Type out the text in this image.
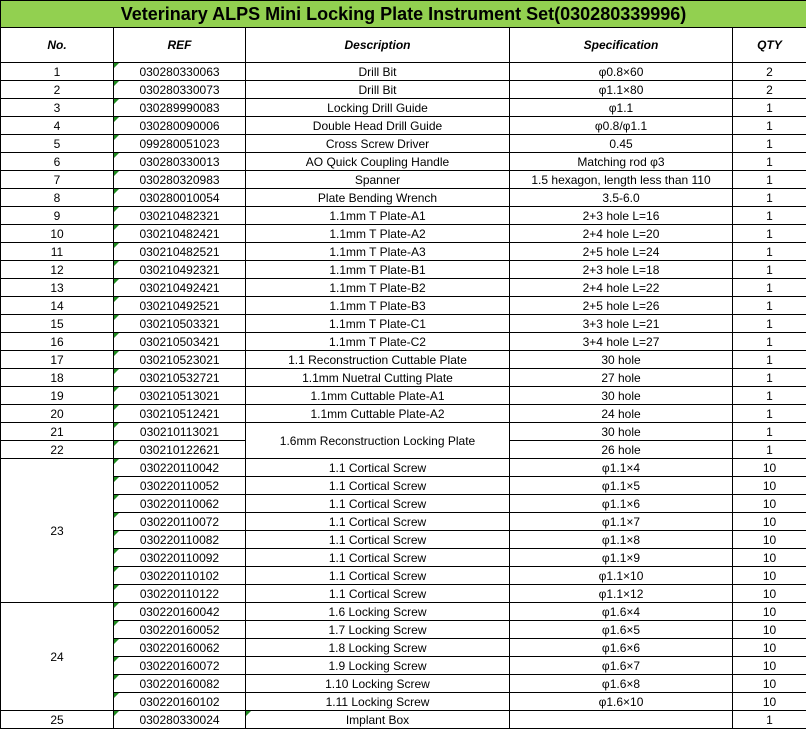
Veterinary ALPS Mini Locking Plate Instrument Set(030280339996)				
No.	REF	Description	Specification	QTY
1	030280330063	Drill Bit	φ0.8×60	2
2	030280330073	Drill Bit	φ1.1×80	2
3	030289990083	Locking Drill Guide	φ1.1	1
4	030280090006	Double Head Drill Guide	φ0.8/φ1.1	1
5	099280051023	Cross Screw Driver	0.45	1
6	030280330013	AO Quick Coupling Handle	Matching rod φ3	1
7	030280320983	Spanner	1.5 hexagon, length less than 110	1
8	030280010054	Plate Bending Wrench	3.5-6.0	1
9	030210482321	1.1mm T Plate-A1	2+3 hole L=16	1
10	030210482421	1.1mm T Plate-A2	2+4 hole L=20	1
11	030210482521	1.1mm T Plate-A3	2+5 hole L=24	1
12	030210492321	1.1mm T Plate-B1	2+3 hole L=18	1
13	030210492421	1.1mm T Plate-B2	2+4 hole L=22	1
14	030210492521	1.1mm T Plate-B3	2+5 hole L=26	1
15	030210503321	1.1mm T Plate-C1	3+3 hole L=21	1
16	030210503421	1.1mm T Plate-C2	3+4 hole L=27	1
17	030210523021	1.1 Reconstruction Cuttable Plate	30 hole	1
18	030210532721	1.1mm Nuetral Cutting Plate	27 hole	1
19	030210513021	1.1mm Cuttable Plate-A1	30 hole	1
20	030210512421	1.1mm Cuttable Plate-A2	24 hole	1
21	030210113021	1.6mm Reconstruction Locking Plate	30 hole	1
22	030210122621		26 hole	1
23	030220110042	1.1 Cortical Screw	φ1.1×4	10
	030220110052	1.1 Cortical Screw	φ1.1×5	10
	030220110062	1.1 Cortical Screw	φ1.1×6	10
	030220110072	1.1 Cortical Screw	φ1.1×7	10
	030220110082	1.1 Cortical Screw	φ1.1×8	10
	030220110092	1.1 Cortical Screw	φ1.1×9	10
	030220110102	1.1 Cortical Screw	φ1.1×10	10
	030220110122	1.1 Cortical Screw	φ1.1×12	10
24	030220160042	1.6 Locking Screw	φ1.6×4	10
	030220160052	1.7 Locking Screw	φ1.6×5	10
	030220160062	1.8 Locking Screw	φ1.6×6	10
	030220160072	1.9 Locking Screw	φ1.6×7	10
	030220160082	1.10 Locking Screw	φ1.6×8	10
	030220160102	1.11 Locking Screw	φ1.6×10	10
25	030280330024	Implant Box		1
